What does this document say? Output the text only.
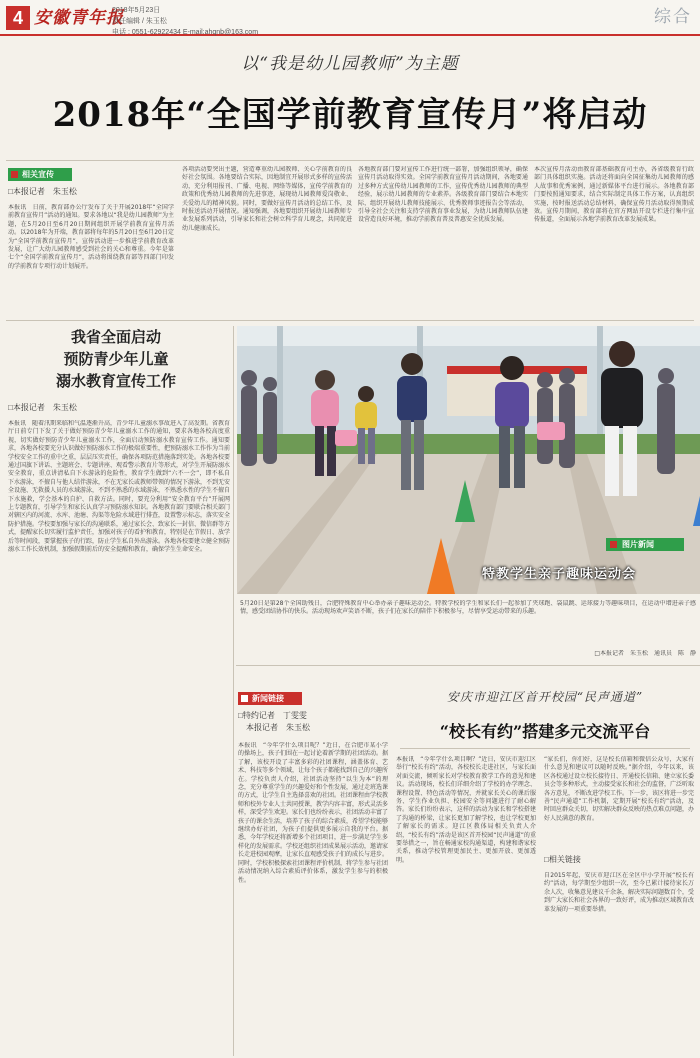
4 安徽青年报
2018年5月23日
责任编辑 / 朱玉松
电话 : 0551-62922434 E-mail:ahqnb@163.com
综合
以“我是幼儿园教师”为主题
2018年“全国学前教育宣传月”将启动
相关宣传
□本报记者　朱玉松
本报讯　日前，教育部办公厅发布了关于开展2018年“全国学前教育宣传月”活动的通知。要求各地以“我是幼儿园教师”为主题，在5月20日至6月20日期间组织开展学前教育宣传月活动。以2018年为开端，教育部将每年的5月20日至6月20日定为“全国学前教育宣传月”，宣传活动进一步推进学前教育改革发展，让广大幼儿园教师感受到社会的关心和尊重。今年是第七个“全国学前教育宣传月”，活动将围绕教育部等四部门印发的学前教育专项行动计划展开。
各项活动要突出主题，营造尊重幼儿园教师、关心学前教育的良好社会氛围。各地要结合实际，因地制宜开展形式多样的宣传活动，充分利用报刊、广播、电视、网络等媒体，宣传学前教育的政策和优秀幼儿园教师的先进事迹，展现幼儿园教师爱岗敬业、关爱幼儿的精神风貌。同时，要做好宣传月活动的总结工作，及时报送活动开展情况。通知强调，各地要组织开展幼儿园教师专业发展系列活动，引导家长和社会树立科学育儿观念，共同促进幼儿健康成长。
各地教育部门要对宣传工作进行统一部署，加强组织领导，确保宣传月活动取得实效。全国学前教育宣传月活动期间，各地要通过多种方式宣传幼儿园教师的工作，宣传优秀幼儿园教师的典型经验，展示幼儿园教师的专业素养。各级教育部门要结合本地实际，组织开展幼儿教师技能展示、优秀教师事迹报告会等活动，引导全社会关注和支持学前教育事业发展，为幼儿园教师队伍建设营造良好环境，推动学前教育普及普惠安全优质发展。
本次宣传月活动由教育部基础教育司主办，各省级教育行政部门具体组织实施。活动还将面向全国征集幼儿园教师的感人故事和优秀案例，通过新媒体平台进行展示。各地教育部门要按照通知要求，结合实际制定具体工作方案，认真组织实施，按时报送活动总结材料，确保宣传月活动取得预期成效。宣传月期间，教育部将在官方网站开设专栏进行集中宣传报道，全面展示各地学前教育改革发展成果。
我省全面启动
预防青少年儿童
溺水教育宣传工作
□本报记者　朱玉松
本报讯　随着汛期来临和气温逐渐升高，青少年儿童溺水事故进入了高发期。省教育厅日前专门下发了关于做好预防青少年儿童溺水工作的通知，要求各地各校高度重视，切实做好预防青少年儿童溺水工作，全面启动预防溺水教育宣传工作。通知要求，各地各校要充分认识做好预防溺水工作的极端重要性，把预防溺水工作作为当前学校安全工作的重中之重，层层压实责任，确保各项防范措施落到实处。各地各校要通过国旗下讲话、主题班会、专题讲座、观看警示教育片等形式，对学生开展防溺水安全教育，重点讲清私自下水游泳的危险性，教育学生做到“六不一会”，即不私自下水游泳，不擅自与他人结伴游泳，不在无家长或教师带领的情况下游泳，不到无安全设施、无救援人员的水域游泳，不到不熟悉的水域游泳，不熟悉水性的学生不擅自下水施救，学会基本的自护、自救方法。同时，要充分利用“安全教育平台”开展网上专题教育，引导学生和家长认真学习预防溺水知识。各地教育部门要联合相关部门对辖区内的河流、水库、池塘、沟渠等危险水域进行排查，设置警示标志，落实安全防护措施。学校要加强与家长的沟通联系，通过家长会、致家长一封信、微信群等方式，提醒家长切实履行监护责任，加强对孩子的看护和教育，特别是在节假日、放学后等时间段，要掌握孩子的行踪，防止学生私自外出游泳。各地各校要建立健全预防溺水工作长效机制，加强假期前后的安全提醒和教育，确保学生生命安全。
图片新闻
特教学生亲子趣味运动会
5月20日是第28个全国助残日，合肥特殊教育中心举办亲子趣味运动会。特教学校的学生和家长们一起参加了夹球跑、袋鼠跳、运球接力等趣味项目，在运动中增进亲子感情，感受团结协作的快乐。活动现场欢声笑语不断，孩子们在家长的陪伴下积极参与，尽情享受运动带来的乐趣。
□本报记者　朱玉松　通讯员　陈　静
新闻链接
□特约记者　丁雯雯
　本报记者　朱玉松
本报讯　“今年学什么项目呢？”近日，在合肥市某小学的操场上，孩子们围在一起讨论着新学期的社团活动。据了解，该校开设了丰富多彩的社团课程，涵盖体育、艺术、科技等多个领域，让每个孩子都能找到自己的兴趣所在。学校负责人介绍，社团活动坚持“以生为本”的理念，充分尊重学生的兴趣爱好和个性发展，通过走班选课的方式，让学生自主选择喜欢的社团。社团课程由学校教师和校外专业人士共同授课，教学内容丰富，形式灵活多样，深受学生欢迎。家长们也纷纷表示，社团活动丰富了孩子的课余生活，培养了孩子的综合素质，希望学校能够继续办好社团，为孩子们提供更多展示自我的平台。据悉，今年学校还将新增多个社团项目，进一步满足学生多样化的发展需求。学校还组织社团成果展示活动，邀请家长走进校园观摩，让家长直观感受孩子们的成长与进步。同时，学校积极探索社团课程评价机制，将学生参与社团活动情况纳入综合素质评价体系，激发学生参与的积极性。
安庆市迎江区首开校园“民声通道”
“校长有约”搭建多元交流平台
本报讯　“今年学什么项目啊？”近日，安庆市迎江区举行“校长有约”活动，各校校长走进社区，与家长面对面交流，倾听家长对学校教育教学工作的意见和建议。活动现场，校长们详细介绍了学校的办学理念、课程设置、特色活动等情况，并就家长关心的课后服务、学生作业负担、校园安全等问题进行了耐心解答。家长们纷纷表示，这样的活动为家长和学校搭建了沟通的桥梁，让家长更加了解学校，也让学校更加了解家长的需求。迎江区教体局相关负责人介绍，“校长有约”活动是该区首开校园“民声通道”的重要举措之一，旨在畅通家校沟通渠道，构建和谐家校关系，推动学校管理更加民主、更加开放、更加透明。
“家长们，你们好，这是校长信箱和微信公众号，大家有什么意见和建议可以随时反映。”据介绍，今年以来，该区各校通过设立校长接待日、开通校长信箱、建立家长委员会等多种形式，主动接受家长和社会的监督，广泛听取各方意见，不断改进学校工作。下一步，该区将进一步完善“民声通道”工作机制，定期开展“校长有约”活动，及时回应群众关切，切实解决群众反映的热点难点问题，办好人民满意的教育。
□相关链接
自2015年起，安庆市迎江区在全区中小学开展“校长有约”活动，每学期至少组织一次，至今已累计接待家长万余人次，收集意见建议千余条，解决实际问题数百个，受到广大家长和社会各界的一致好评，成为推动区域教育改革发展的一项重要举措。
